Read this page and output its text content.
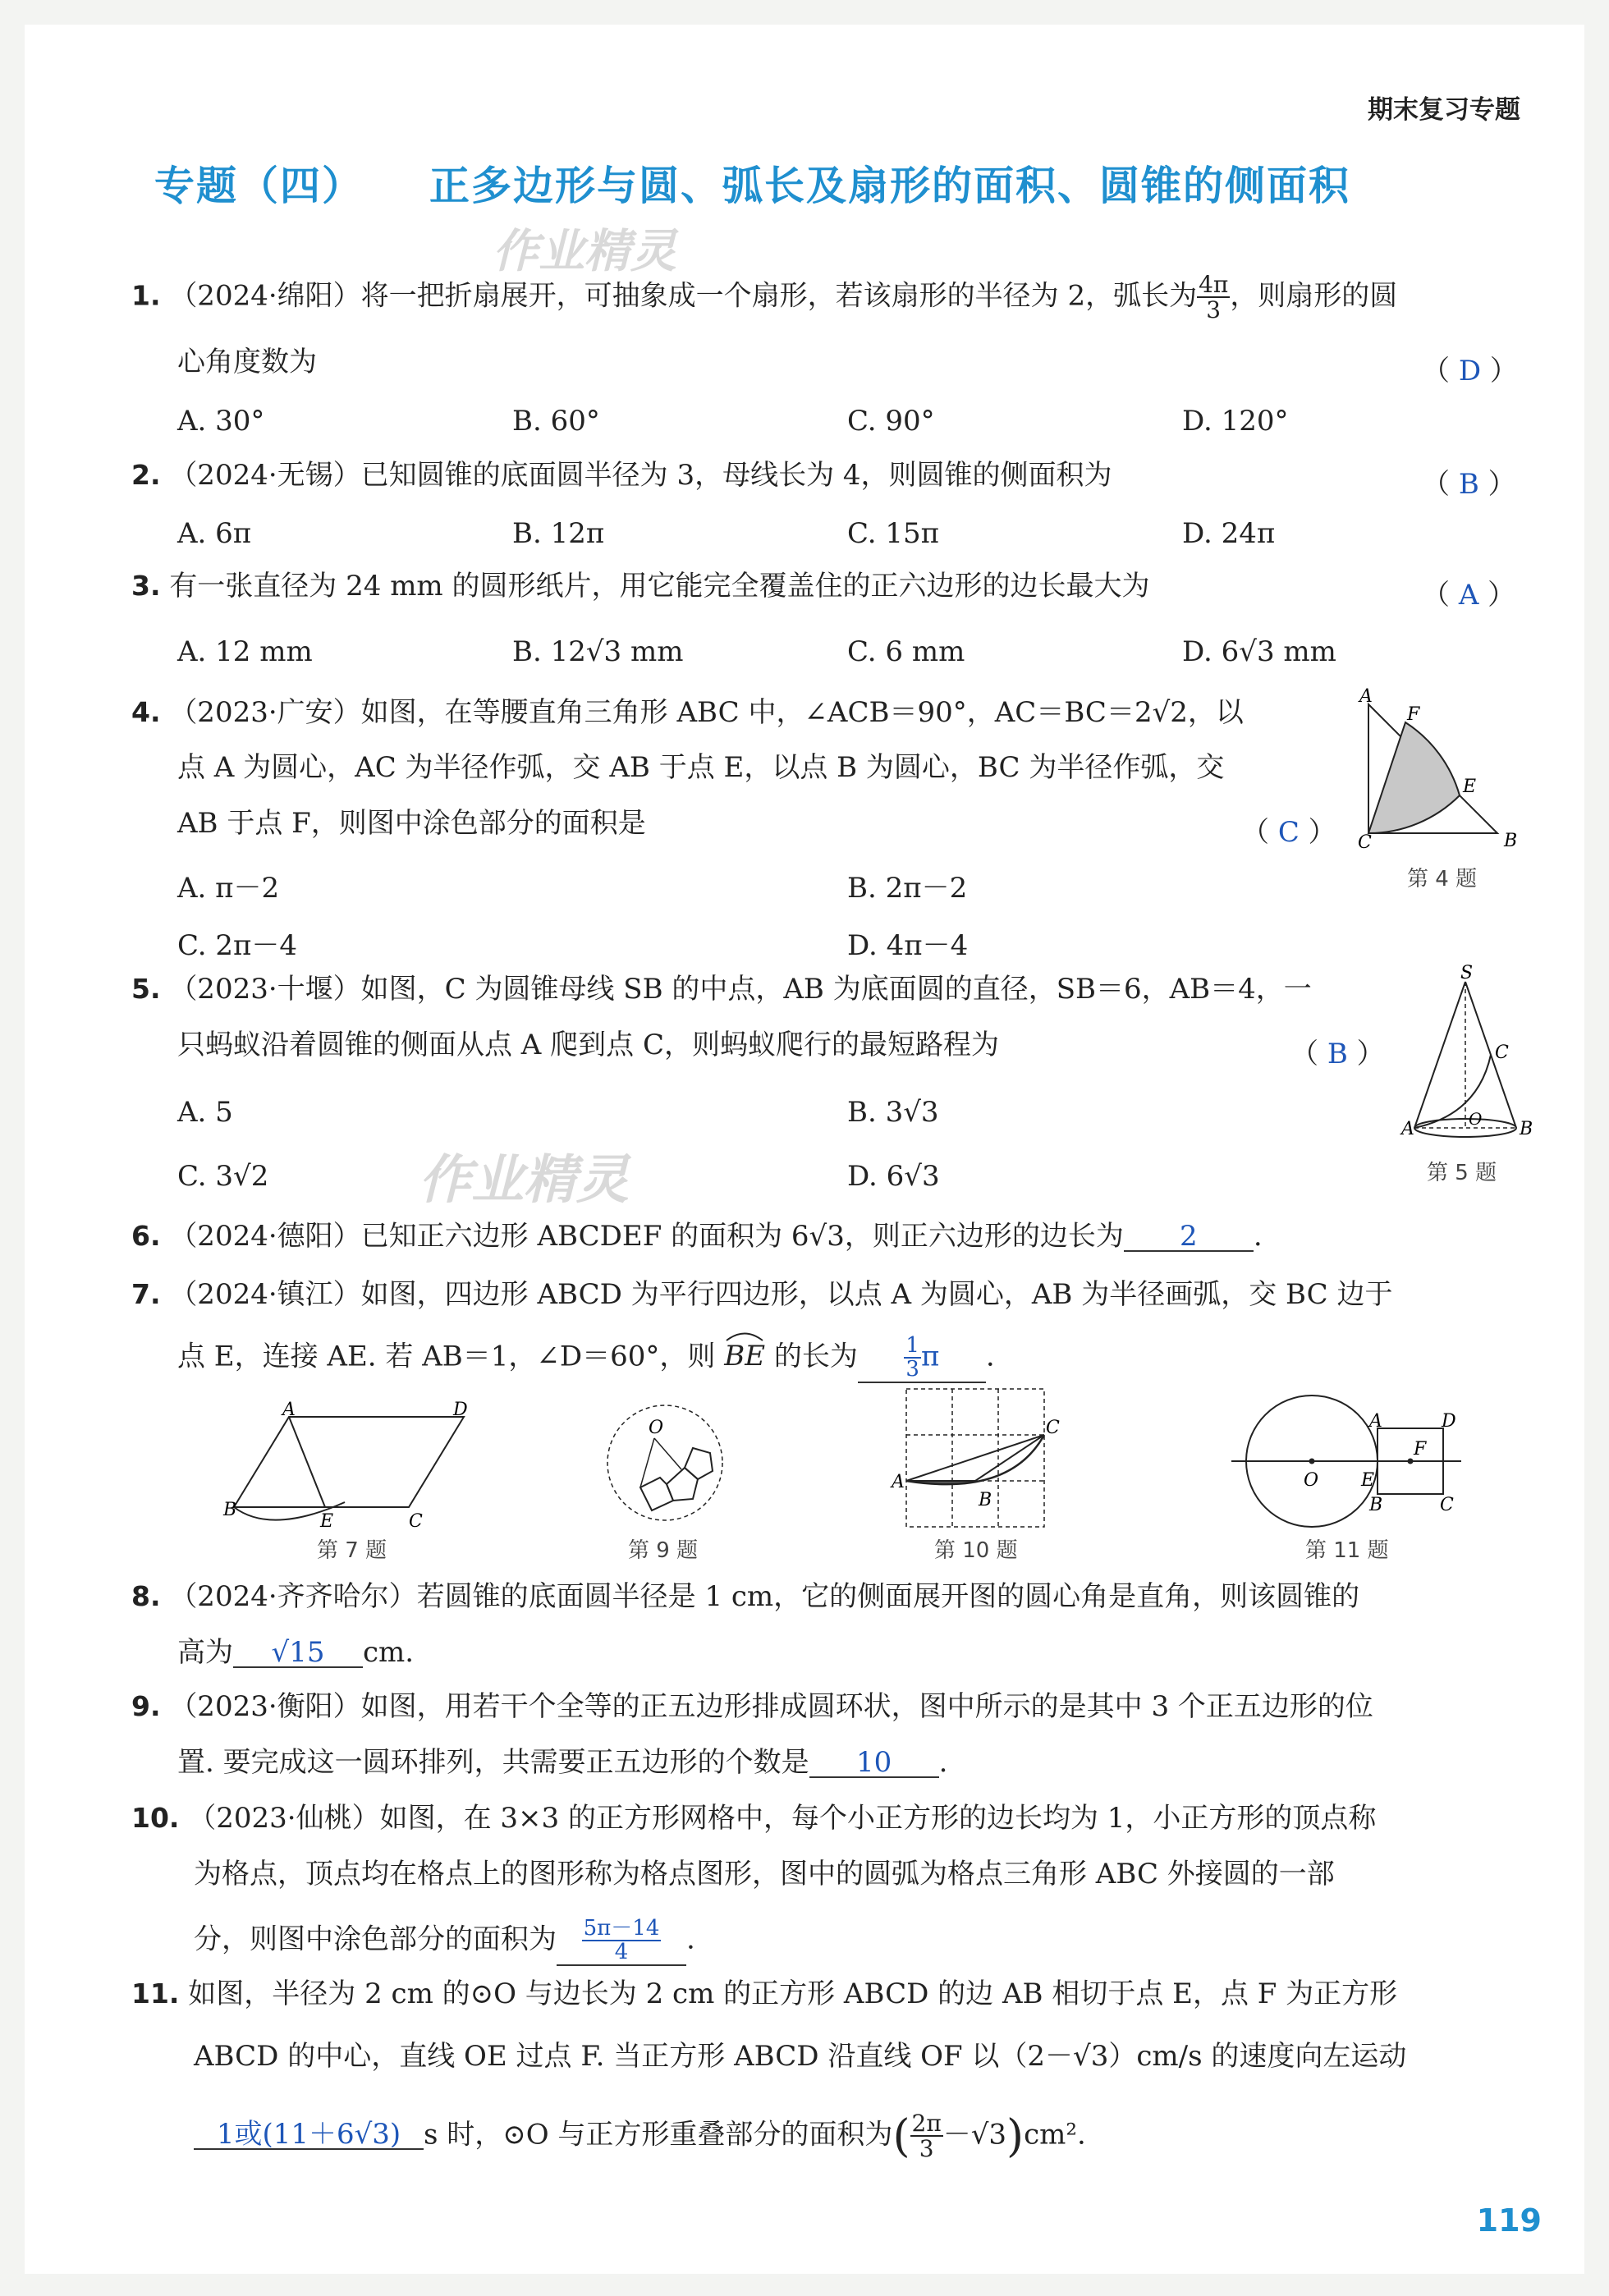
期末复习专题
专题（四） 正多边形与圆、弧长及扇形的面积、圆锥的侧面积
作业精灵
作业精灵
1. （2024·绵阳）将一把折扇展开，可抽象成一个扇形，若该扇形的半径为 2，弧长为 $\frac{4\pi}{3}$ ，则扇形的圆
心角度数为	（ D ）
A. 30°	B. 60°	C. 90°	D. 120°
2. （2024·无锡）已知圆锥的底面圆半径为 3，母线长为 4，则圆锥的侧面积为	（ B ）
A. 6π	B. 12π	C. 15π	D. 24π
3. 有一张直径为 24 mm 的圆形纸片，用它能完全覆盖住的正六边形的边长最大为	（ A ）
A. 12 mm	B. 12√3 mm	C. 6 mm	D. 6√3 mm
4. （2023·广安）如图，在等腰直角三角形 ABC 中，∠ACB＝90°，AC＝BC＝2√2，以
点 A 为圆心，AC 为半径作弧，交 AB 于点 E，以点 B 为圆心，BC 为半径作弧，交
AB 于点 F，则图中涂色部分的面积是	（ C ）
A. π－2	B. 2π－2
C. 2π－4	D. 4π－4
A
F
E
B
C
第 4 题
5. （2023·十堰）如图，C 为圆锥母线 SB 的中点，AB 为底面圆的直径，SB＝6，AB＝4，一
只蚂蚁沿着圆锥的侧面从点 A 爬到点 C，则蚂蚁爬行的最短路程为	（ B ）
A. 5	B. 3√3
C. 3√2	D. 6√3
S
C
A	B
O
第 5 题
6. （2024·德阳）已知正六边形 ABCDEF 的面积为 6√3，则正六边形的边长为 2 .
7. （2024·镇江）如图，四边形 ABCD 为平行四边形，以点 A 为圆心，AB 为半径画弧，交 BC 边于
点 E，连接 AE. 若 AB＝1，∠D＝60°，则 BE 的长为 $\frac{1}{3}$ π .
A	D
B
E	C
第 7 题
O
第 9 题
A
B
C
第 10 题
O E
F
A	D
B	C
第 11 题
8. （2024·齐齐哈尔）若圆锥的底面圆半径是 1 cm，它的侧面展开图的圆心角是直角，则该圆锥的
高为 √15 cm.
9. （2023·衡阳）如图，用若干个全等的正五边形排成圆环状，图中所示的是其中 3 个正五边形的位
置. 要完成这一圆环排列，共需要正五边形的个数是 10 .
10. （2023·仙桃）如图，在 3×3 的正方形网格中，每个小正方形的边长均为 1，小正方形的顶点称
为格点，顶点均在格点上的图形称为格点图形，图中的圆弧为格点三角形 ABC 外接圆的一部
分，则图中涂色部分的面积为 $\frac{5\pi-14}{4}$ .
11. 如图，半径为 2 cm 的⊙O 与边长为 2 cm 的正方形 ABCD 的边 AB 相切于点 E，点 F 为正方形
ABCD 的中心，直线 OE 过点 F. 当正方形 ABCD 沿直线 OF 以（2－√3）cm/s 的速度向左运动
1或(11＋6√3) s 时，⊙O 与正方形重叠部分的面积为( $\frac{2\pi}{3} -√3)cm^2$.
119
